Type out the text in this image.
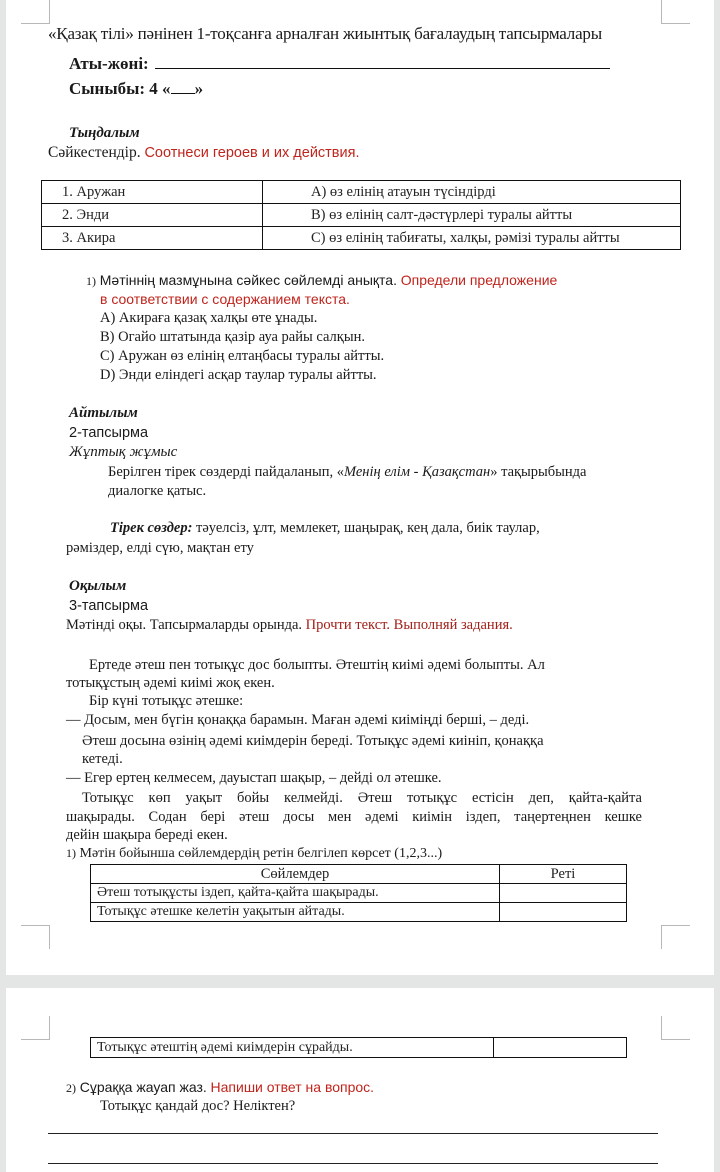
«Қазақ тілі» пәнінен 1-тоқсанға арналған жиынтық бағалаудың тапсырмалары
Аты-жөні:
Сыныбы: 4 « »
Тыңдалым
Сәйкестендір. Соотнеси героев и их действия.
1. Аружан	А) өз елінің атауын түсіндірді
2. Энди	В) өз елінің салт-дәстүрлері туралы айтты
3. Акира	С) өз елінің табиғаты, халқы, рәмізі туралы айтты
1) Мәтіннің мазмұнына сәйкес сөйлемді анықта. Определи предложение
в соответствии с содержанием текста.
А) Акираға қазақ халқы өте ұнады.
В) Огайо штатында қазір ауа райы салқын.
С) Аружан өз елінің елтаңбасы туралы айтты.
D) Энди еліндегі асқар таулар туралы айтты.
Айтылым
2-тапсырма
Жұптық жұмыс
Берілген тірек сөздерді пайдаланып, «Менің елім - Қазақстан» тақырыбында
диалогке қатыс.
Тірек сөздер: тәуелсіз, ұлт, мемлекет, шаңырақ, кең дала, биік таулар,
рәміздер, елді сүю, мақтан ету
Оқылым
3-тапсырма
Мәтінді оқы. Тапсырмаларды орында. Прочти текст. Выполняй задания.
Ертеде әтеш пен тотықұс дос болыпты. Әтештің киімі әдемі болыпты. Ал
тотықұстың әдемі киімі жоқ екен.
Бір күні тотықұс әтешке:
— Досым, мен бүгін қонаққа барамын. Маған әдемі киіміңді берші, – деді.
Әтеш досына өзінің әдемі киімдерін береді. Тотықұс әдемі киініп, қонаққа
кетеді.
— Егер ертең келмесем, дауыстап шақыр, – дейді ол әтешке.
Тотықұс көп уақыт бойы келмейді. Әтеш тотықұс естісін деп, қайта-қайта
шақырады. Содан бері әтеш досы мен әдемі киімін іздеп, таңертеңнен кешке
дейін шақыра береді екен.
1) Мәтін бойынша сөйлемдердің ретін белгілеп көрсет (1,2,3...)
Сөйлемдер	Реті
Әтеш тотықұсты іздеп, қайта-қайта шақырады.	
Тотықұс әтешке келетін уақытын айтады.	
Тотықұс әтештің әдемі киімдерін сұрайды.	
2) Сұраққа жауап жаз. Напиши ответ на вопрос.
Тотықұс қандай дос? Неліктен?
